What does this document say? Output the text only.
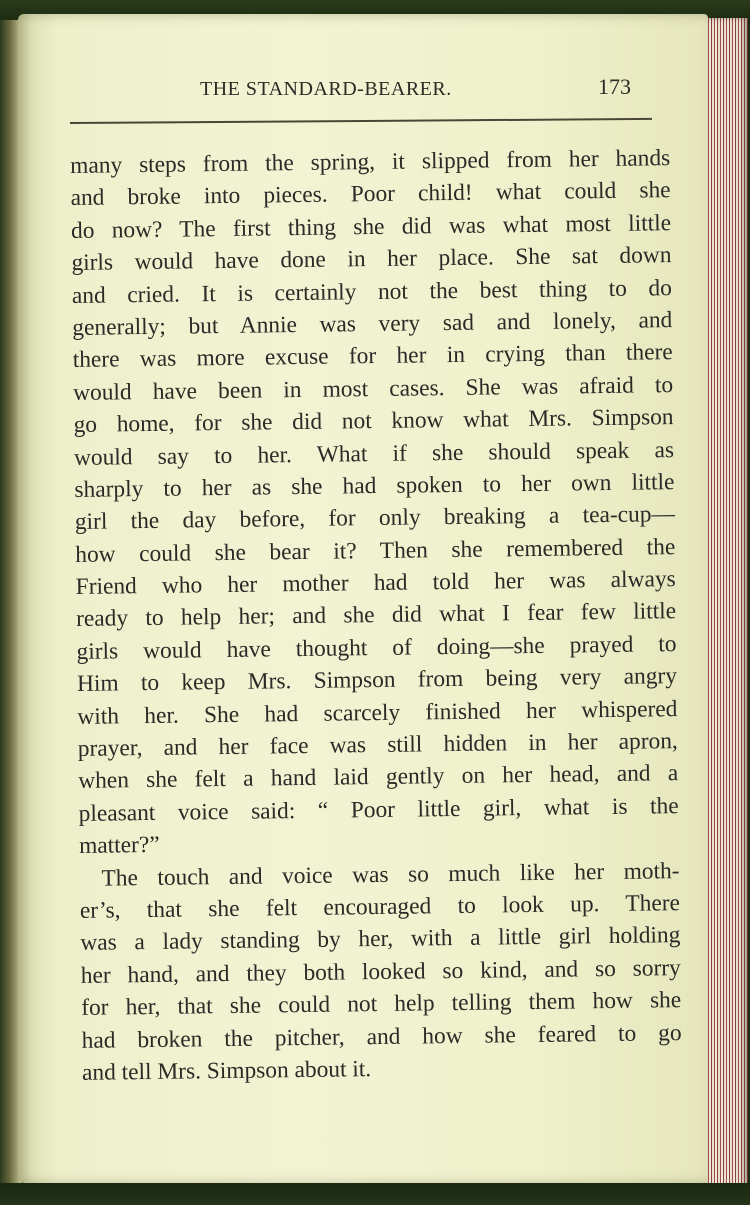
THE STANDARD-BEARER.	173
many steps from the spring, it slipped from her hands
and broke into pieces. Poor child! what could she
do now? The first thing she did was what most little
girls would have done in her place. She sat down
and cried. It is certainly not the best thing to do
generally; but Annie was very sad and lonely, and
there was more excuse for her in crying than there
would have been in most cases. She was afraid to
go home, for she did not know what Mrs. Simpson
would say to her. What if she should speak as
sharply to her as she had spoken to her own little
girl the day before, for only breaking a tea-cup—
how could she bear it? Then she remembered the
Friend who her mother had told her was always
ready to help her; and she did what I fear few little
girls would have thought of doing—she prayed to
Him to keep Mrs. Simpson from being very angry
with her. She had scarcely finished her whispered
prayer, and her face was still hidden in her apron,
when she felt a hand laid gently on her head, and a
pleasant voice said: “ Poor little girl, what is the
matter?”
The touch and voice was so much like her moth-
er’s, that she felt encouraged to look up. There
was a lady standing by her, with a little girl holding
her hand, and they both looked so kind, and so sorry
for her, that she could not help telling them how she
had broken the pitcher, and how she feared to go
and tell Mrs. Simpson about it.
